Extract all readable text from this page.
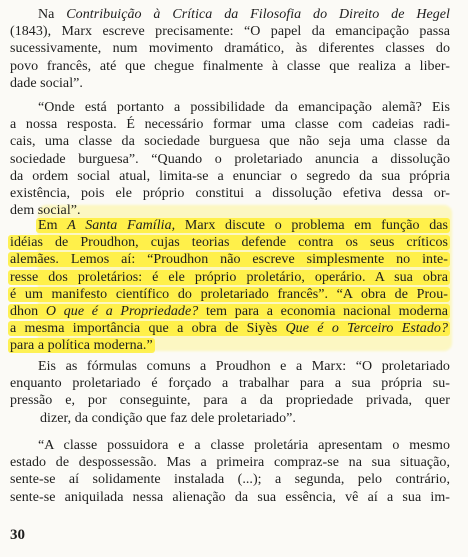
Na Contribuição à Crítica da Filosofia do Direito de Hegel
(1843), Marx escreve precisamente: “O papel da emancipação passa
sucessivamente, num movimento dramático, às diferentes classes do
povo francês, até que chegue finalmente à classe que realiza a liber-
dade social”.
“Onde está portanto a possibilidade da emancipação alemã? Eis
a nossa resposta. É necessário formar uma classe com cadeias radi-
cais, uma classe da sociedade burguesa que não seja uma classe da
sociedade burguesa”. “Quando o proletariado anuncia a dissolução
da ordem social atual, limita-se a enunciar o segredo da sua própria
existência, pois ele próprio constitui a dissolução efetiva dessa or-
dem social”.
Em A Santa Família, Marx discute o problema em função das
idéias de Proudhon, cujas teorias defende contra os seus críticos
alemães. Lemos aí: “Proudhon não escreve simplesmente no inte-
resse dos proletários: é ele próprio proletário, operário. A sua obra
é um manifesto científico do proletariado francês”. “A obra de Prou-
dhon O que é a Propriedade? tem para a economia nacional moderna
a mesma importância que a obra de Siyès Que é o Terceiro Estado?
para a política moderna.”
Eis as fórmulas comuns a Proudhon e a Marx: “O proletariado
enquanto proletariado é forçado a trabalhar para a sua própria su-
pressão e, por conseguinte, para a da propriedade privada, quer
dizer, da condição que faz dele proletariado”.
“A classe possuidora e a classe proletária apresentam o mesmo
estado de despossessão. Mas a primeira compraz-se na sua situação,
sente-se aí solidamente instalada (...); a segunda, pelo contrário,
sente-se aniquilada nessa alienação da sua essência, vê aí a sua im-
30
